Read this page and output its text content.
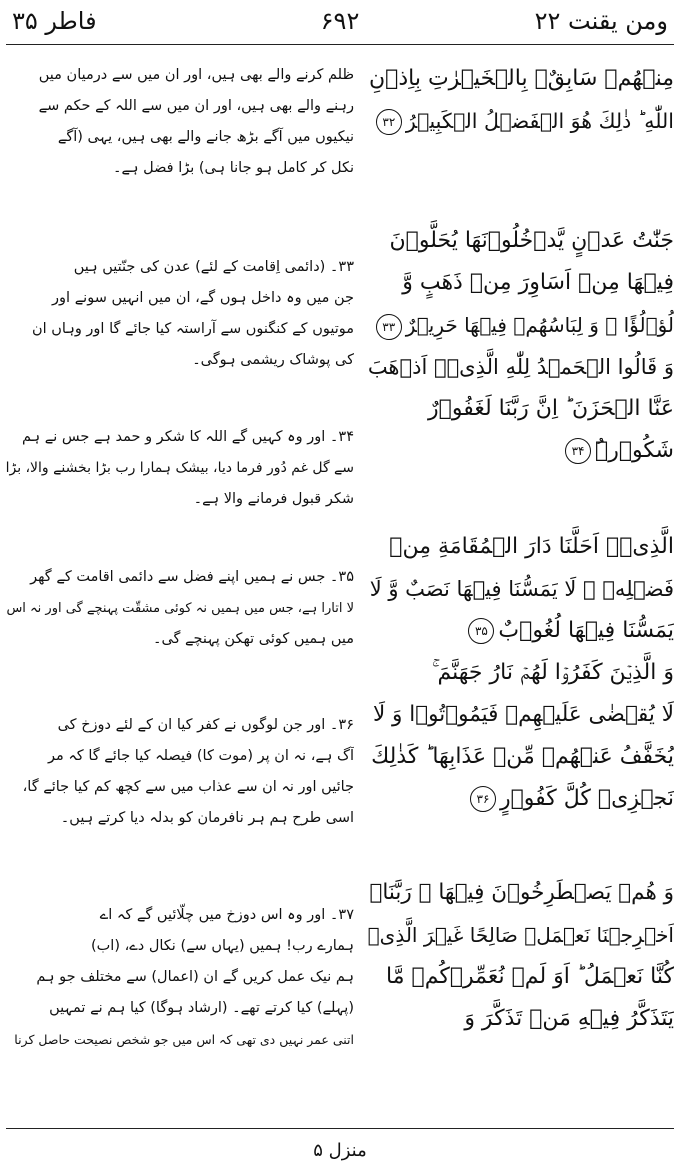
فاطر ۳۵	۶۹۲	ومن یقنت ۲۲
ظلم کرنے والے بھی ہیں، اور ان میں سے درمیان میں
رہنے والے بھی ہیں، اور ان میں سے اللہ کے حکم سے
نیکیوں میں آگے بڑھ جانے والے بھی ہیں، یہی (آگے
نکل کر کامل ہو جانا ہی) بڑا فضل ہے۔
۳۳۔ (دائمی اِقامت کے لئے) عدن کی جنّتیں ہیں
جن میں وہ داخل ہوں گے، ان میں انہیں سونے اور
موتیوں کے کنگنوں سے آراستہ کیا جائے گا اور وہاں ان
کی پوشاک ریشمی ہوگی۔
۳۴۔ اور وہ کہیں گے اللہ کا شکر و حمد ہے جس نے ہم
سے گل غم دُور فرما دیا، بیشک ہمارا رب بڑا بخشنے والا، بڑا
شکر قبول فرمانے والا ہے۔
۳۵۔ جس نے ہمیں اپنے فضل سے دائمی اقامت کے گھر
لا اتارا ہے، جس میں ہمیں نہ کوئی مشقّت پہنچے گی اور نہ اس
میں ہمیں کوئی تھکن پہنچے گی۔
۳۶۔ اور جن لوگوں نے کفر کیا ان کے لئے دوزخ کی
آگ ہے، نہ ان پر (موت کا) فیصلہ کیا جائے گا کہ مر
جائیں اور نہ ان سے عذاب میں سے کچھ کم کیا جائے گا،
اسی طرح ہم ہر نافرمان کو بدلہ دیا کرتے ہیں۔
۳۷۔ اور وہ اس دوزخ میں چلّائیں گے کہ اے
ہمارے رب! ہمیں (یہاں سے) نکال دے، (اب)
ہم نیک عمل کریں گے ان (اعمال) سے مختلف جو ہم
(پہلے) کیا کرتے تھے۔ (ارشاد ہوگا) کیا ہم نے تمہیں
اتنی عمر نہیں دی تھی کہ اس میں جو شخص نصیحت حاصل کرنا
مِنۡهُمۡ سَابِقٌۢ بِالۡخَیۡرٰتِ بِاِذۡنِ
اللّٰهِ ؕ ذٰلِكَ هُوَ الۡفَضۡلُ الۡكَبِیۡرُ۳۲
جَنّٰتُ عَدۡنٍ یَّدۡخُلُوۡنَهَا یُحَلَّوۡنَ
فِیۡهَا مِنۡ اَسَاوِرَ مِنۡ ذَهَبٍ وَّ
لُؤۡلُؤًا ۚ وَ لِبَاسُهُمۡ فِیۡهَا حَرِیۡرٌ۳۳
وَ قَالُوا الۡحَمۡدُ لِلّٰهِ الَّذِیۡۤ اَذۡهَبَ
عَنَّا الۡحَزَنَ ؕ اِنَّ رَبَّنَا لَغَفُوۡرٌ
شَكُوۡرُۨ۳۴
الَّذِیۡۤ اَحَلَّنَا دَارَ الۡمُقَامَةِ مِنۡ
فَضۡلِهٖ ۚ لَا یَمَسُّنَا فِیۡهَا نَصَبٌ وَّ لَا
یَمَسُّنَا فِیۡهَا لُغُوۡبٌ۳۵
وَ الَّذِیۡنَ كَفَرُوۡا لَهُمۡ نَارُ جَهَنَّمَ ۚ
لَا یُقۡضٰی عَلَیۡهِمۡ فَیَمُوۡتُوۡا وَ لَا
یُخَفَّفُ عَنۡهُمۡ مِّنۡ عَذَابِهَا ؕ كَذٰلِكَ
نَجۡزِیۡ كُلَّ كَفُوۡرٍ۳۶
وَ هُمۡ یَصۡطَرِخُوۡنَ فِیۡهَا ۚ رَبَّنَاۤ
اَخۡرِجۡنَا نَعۡمَلۡ صَالِحًا غَیۡرَ الَّذِیۡ
كُنَّا نَعۡمَلُ ؕ اَوَ لَمۡ نُعَمِّرۡكُمۡ مَّا
یَتَذَكَّرُ فِیۡهِ مَنۡ تَذَكَّرَ وَ
منزل ۵
